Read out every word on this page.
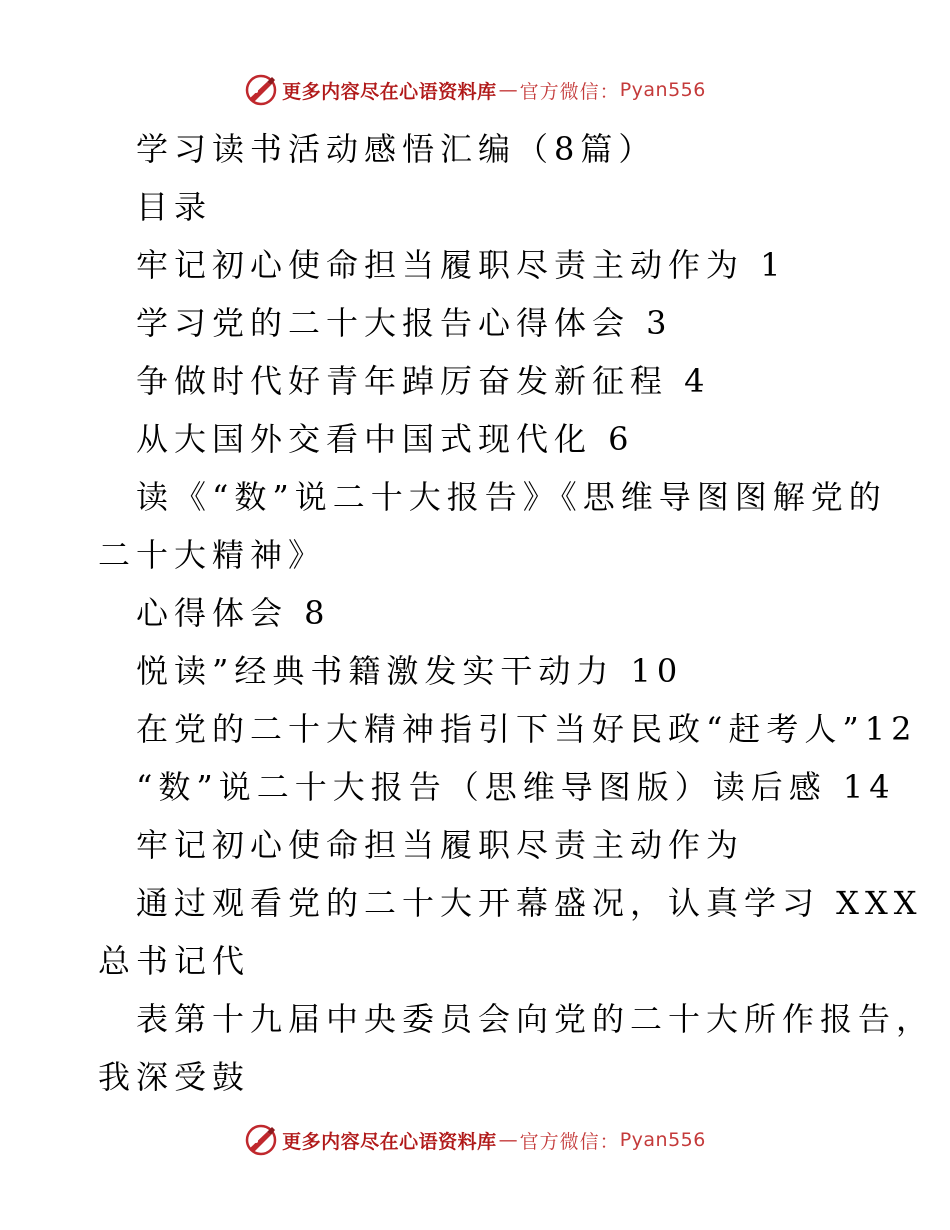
更多内容尽在心语资料库 — 官方微信： Pyan556
学习读书活动感悟汇编（8篇）
目录
牢记初心使命担当履职尽责主动作为 1
学习党的二十大报告心得体会 3
争做时代好青年踔厉奋发新征程 4
从大国外交看中国式现代化 6
读《“数”说二十大报告》《思维导图图解党的
二十大精神》
心得体会 8
悦读”经典书籍激发实干动力 10
在党的二十大精神指引下当好民政“赶考人”12
“数”说二十大报告（思维导图版）读后感 14
牢记初心使命担当履职尽责主动作为
通过观看党的二十大开幕盛况，认真学习 XXX
总书记代
表第十九届中央委员会向党的二十大所作报告，
我深受鼓
更多内容尽在心语资料库 — 官方微信： Pyan556
